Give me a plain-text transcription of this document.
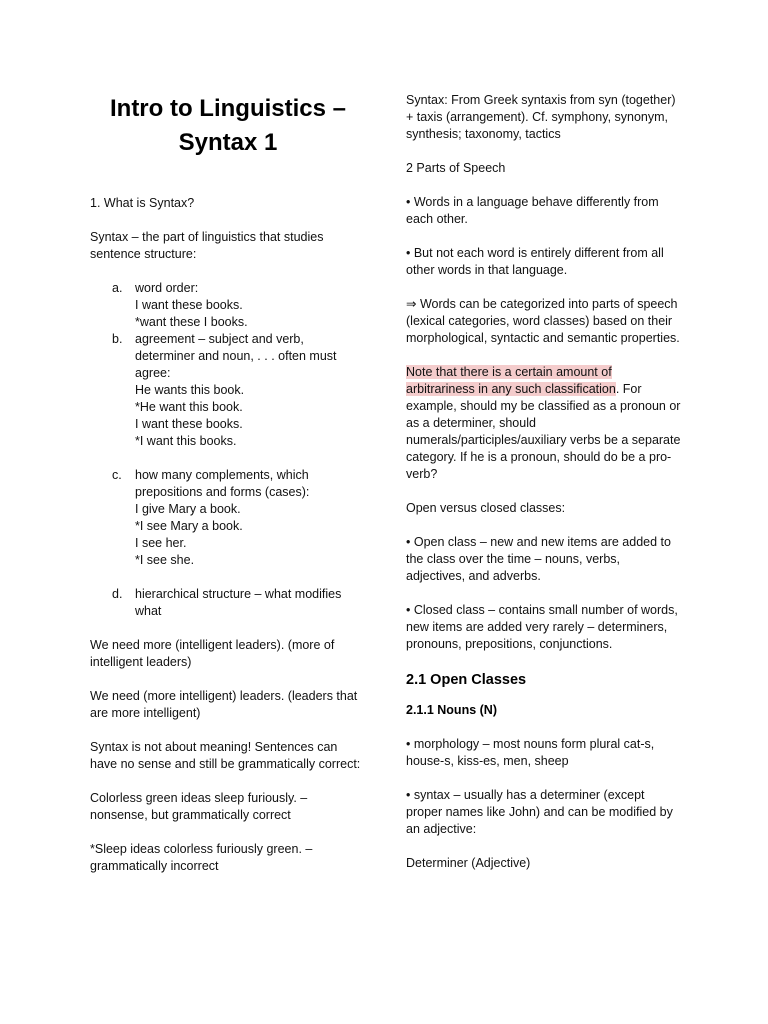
Intro to Linguistics – Syntax 1

1. What is Syntax?

Syntax – the part of linguistics that studies sentence structure:

a. word order:
I want these books.
*want these I books.
b. agreement – subject and verb, determiner and noun, . . . often must agree:
He wants this book.
*He want this book.
I want these books.
*I want this books.
c. how many complements, which prepositions and forms (cases):
I give Mary a book.
*I see Mary a book.
I see her.
*I see she.
d. hierarchical structure – what modifies what

We need more (intelligent leaders). (more of intelligent leaders)

We need (more intelligent) leaders. (leaders that are more intelligent)

Syntax is not about meaning! Sentences can have no sense and still be grammatically correct:

Colorless green ideas sleep furiously. – nonsense, but grammatically correct

*Sleep ideas colorless furiously green. – grammatically incorrect

Syntax: From Greek syntaxis from syn (together) + taxis (arrangement). Cf. symphony, synonym, synthesis; taxonomy, tactics

2 Parts of Speech

• Words in a language behave differently from each other.

• But not each word is entirely different from all other words in that language.

⇒ Words can be categorized into parts of speech (lexical categories, word classes) based on their morphological, syntactic and semantic properties.

Note that there is a certain amount of arbitrariness in any such classification. For example, should my be classified as a pronoun or as a determiner, should numerals/participles/auxiliary verbs be a separate category. If he is a pronoun, should do be a pro-verb?

Open versus closed classes:

• Open class – new and new items are added to the class over the time – nouns, verbs, adjectives, and adverbs.

• Closed class – contains small number of words, new items are added very rarely – determiners, pronouns, prepositions, conjunctions.

2.1 Open Classes
2.1.1 Nouns (N)

• morphology – most nouns form plural cat-s, house-s, kiss-es, men, sheep

• syntax – usually has a determiner (except proper names like John) and can be modified by an adjective:

Determiner (Adjective)
